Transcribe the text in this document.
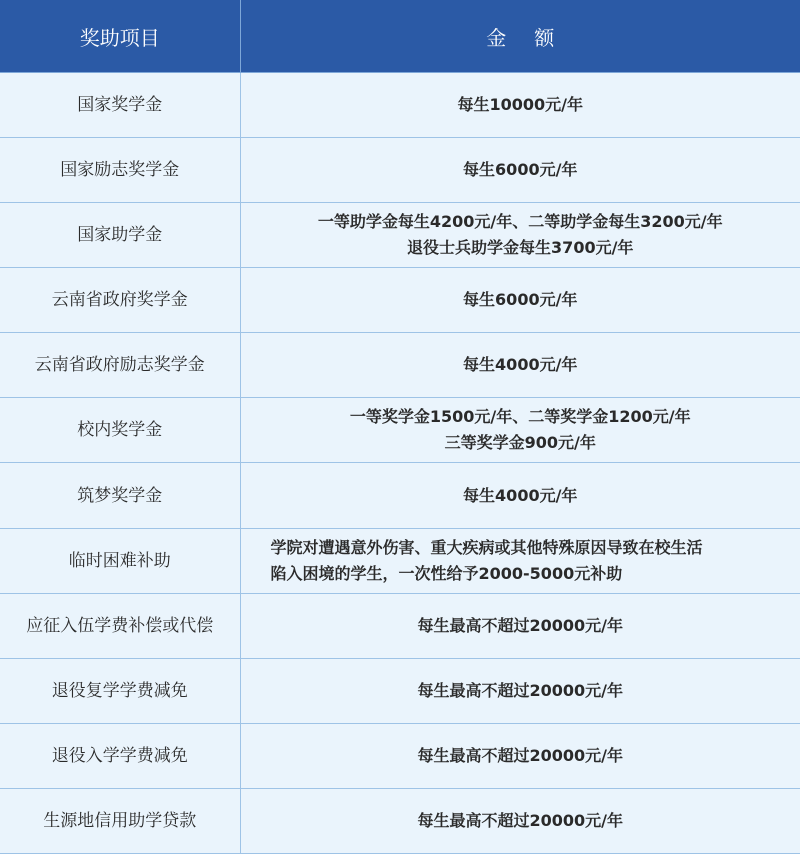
奖助项目	金额
国家奖学金	每生10000元/年

国家励志奖学金	每生6000元/年

国家助学金	一等助学金每生4200元/年、二等助学金每生3200元/年
退役士兵助学金每生3700元/年

云南省政府奖学金	每生6000元/年

云南省政府励志奖学金	每生4000元/年

校内奖学金	一等奖学金1500元/年、二等奖学金1200元/年
三等奖学金900元/年

筑梦奖学金	每生4000元/年

临时困难补助	学院对遭遇意外伤害、重大疾病或其他特殊原因导致在校生活
陷入困境的学生，一次性给予2000-5000元补助

应征入伍学费补偿或代偿	每生最高不超过20000元/年

退役复学学费减免	每生最高不超过20000元/年

退役入学学费减免	每生最高不超过20000元/年

生源地信用助学贷款	每生最高不超过20000元/年
